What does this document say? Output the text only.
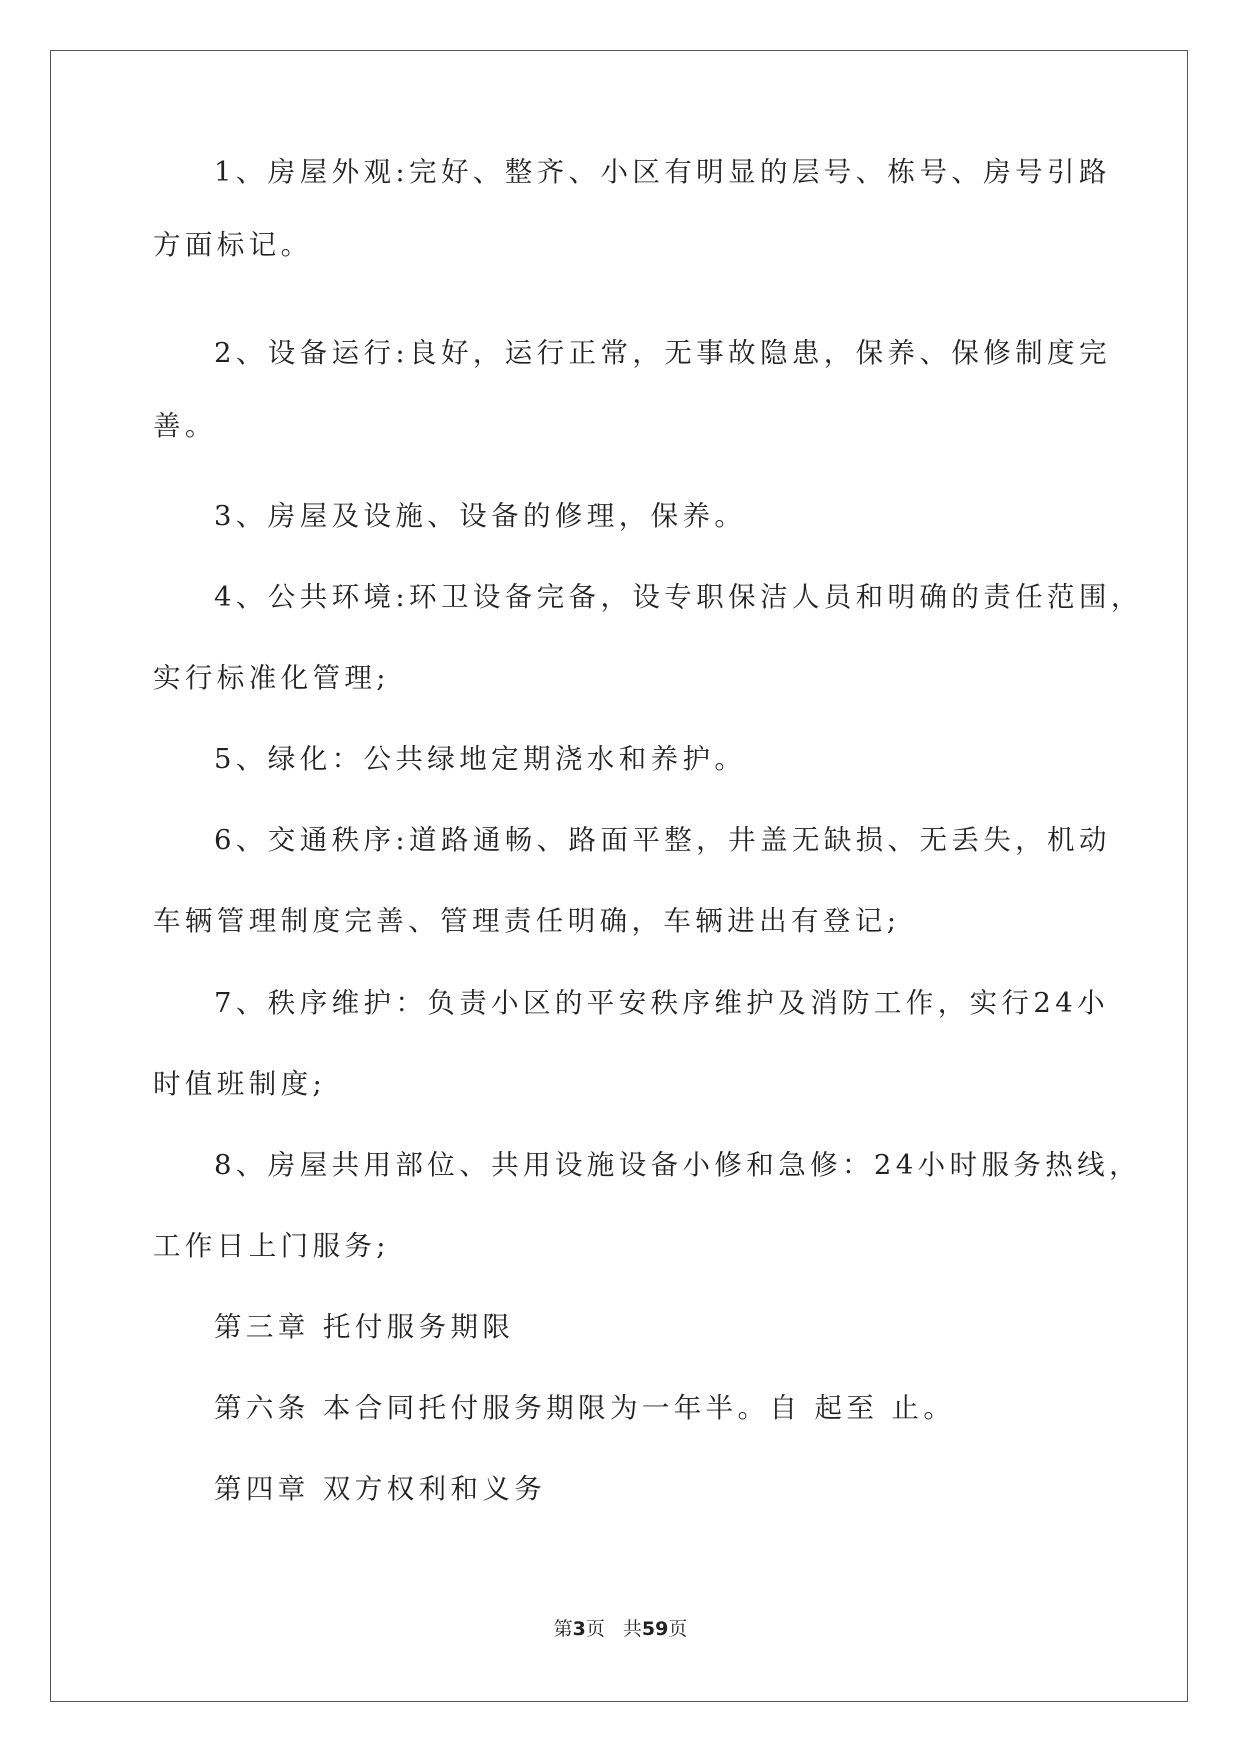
1、房屋外观:完好、整齐、小区有明显的层号、栋号、房号引路
方面标记。
2、设备运行:良好，运行正常，无事故隐患，保养、保修制度完
善。
3、房屋及设施、设备的修理，保养。
4、公共环境:环卫设备完备，设专职保洁人员和明确的责任范围，
实行标准化管理;
5、绿化：公共绿地定期浇水和养护。
6、交通秩序:道路通畅、路面平整，井盖无缺损、无丢失，机动
车辆管理制度完善、管理责任明确，车辆进出有登记;
7、秩序维护：负责小区的平安秩序维护及消防工作，实行24小
时值班制度;
8、房屋共用部位、共用设施设备小修和急修：24小时服务热线，
工作日上门服务;
第三章 托付服务期限
第六条 本合同托付服务期限为一年半。自 起至 止。
第四章 双方权利和义务
第3页 共59页
